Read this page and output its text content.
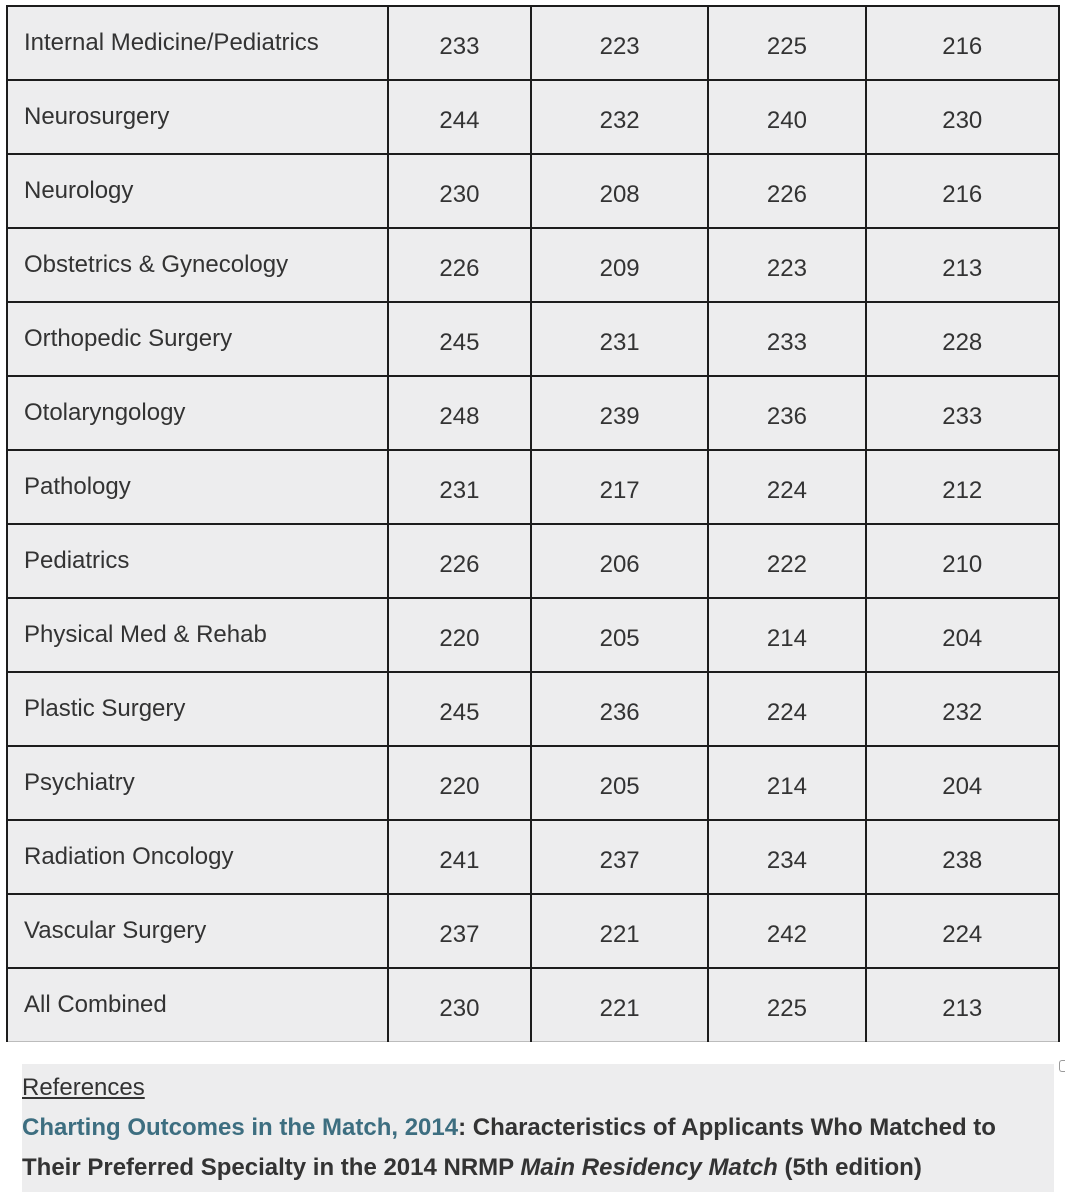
Internal Medicine/Pediatrics	233	223	225	216
Neurosurgery	244	232	240	230
Neurology	230	208	226	216
Obstetrics & Gynecology	226	209	223	213
Orthopedic Surgery	245	231	233	228
Otolaryngology	248	239	236	233
Pathology	231	217	224	212
Pediatrics	226	206	222	210
Physical Med & Rehab	220	205	214	204
Plastic Surgery	245	236	224	232
Psychiatry	220	205	214	204
Radiation Oncology	241	237	234	238
Vascular Surgery	237	221	242	224
All Combined	230	221	225	213
References
Charting Outcomes in the Match, 2014: Characteristics of Applicants Who Matched to Their Preferred Specialty in the 2014 NRMP Main Residency Match (5th edition)
